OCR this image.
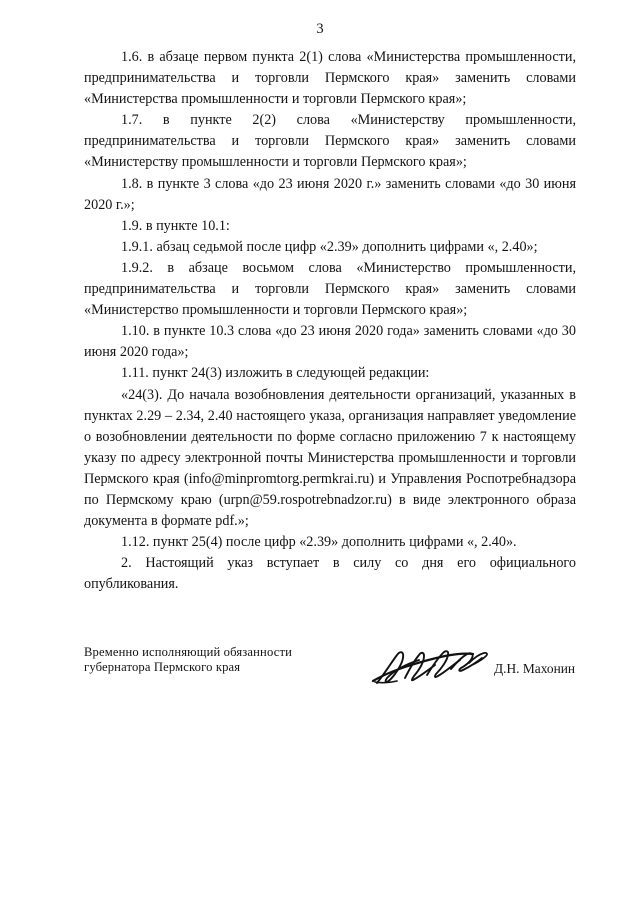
3

1.6. в абзаце первом пункта 2(1) слова «Министерства промышленности, предпринимательства и торговли Пермского края» заменить словами «Министерства промышленности и торговли Пермского края»;

1.7. в пункте 2(2) слова «Министерству промышленности, предпринимательства и торговли Пермского края» заменить словами «Министерству промышленности и торговли Пермского края»;

1.8. в пункте 3 слова «до 23 июня 2020 г.» заменить словами «до 30 июня 2020 г.»;

1.9. в пункте 10.1:

1.9.1. абзац седьмой после цифр «2.39» дополнить цифрами «, 2.40»;

1.9.2. в абзаце восьмом слова «Министерство промышленности, предпринимательства и торговли Пермского края» заменить словами «Министерство промышленности и торговли Пермского края»;

1.10. в пункте 10.3 слова «до 23 июня 2020 года» заменить словами «до 30 июня 2020 года»;

1.11. пункт 24(3) изложить в следующей редакции:

«24(3). До начала возобновления деятельности организаций, указанных в пунктах 2.29 – 2.34, 2.40 настоящего указа, организация направляет уведомление о возобновлении деятельности по форме согласно приложению 7 к настоящему указу по адресу электронной почты Министерства промышленности и торговли Пермского края (info@minpromtorg.permkrai.ru) и Управления Роспотребнадзора по Пермскому краю (urpn@59.rospotrebnadzor.ru) в виде электронного образа документа в формате pdf.»;

1.12. пункт 25(4) после цифр «2.39» дополнить цифрами «, 2.40».

2. Настоящий указ вступает в силу со дня его официального опубликования.

Временно исполняющий обязанности
губернатора Пермского края	Д.Н. Махонин
